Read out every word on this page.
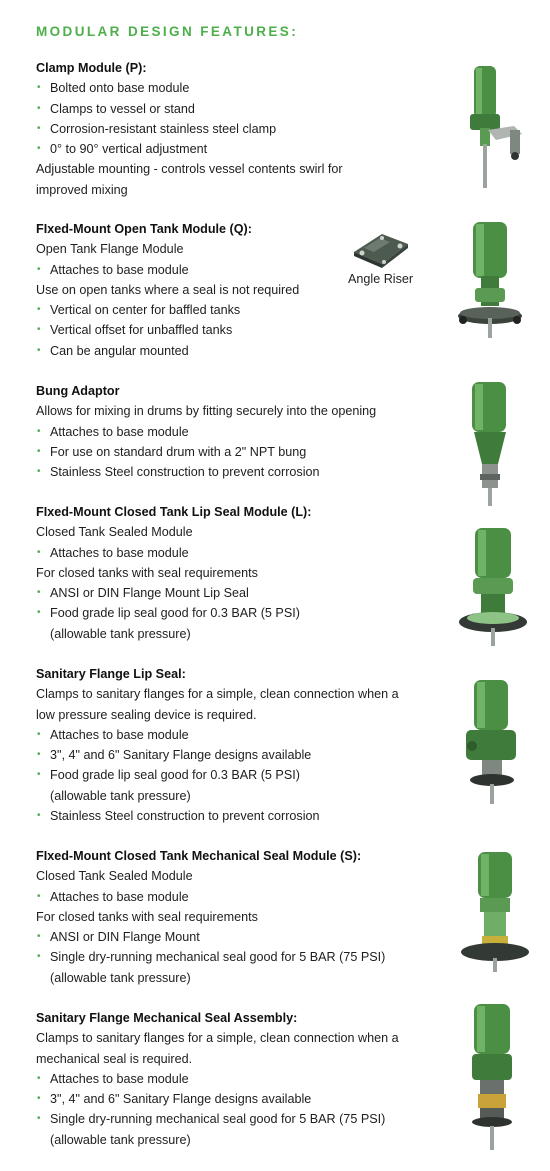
MODULAR DESIGN FEATURES:
Clamp Module (P):
• Bolted onto base module
• Clamps to vessel or stand
• Corrosion-resistant stainless steel clamp
• 0° to 90° vertical adjustment
Adjustable mounting - controls vessel contents swirl for
improved mixing
FIxed-Mount Open Tank Module (Q):
Open Tank Flange Module
• Attaches to base module
Use on open tanks where a seal is not required
• Vertical on center for baffled tanks
• Vertical offset for unbaffled tanks
• Can be angular mounted
Bung Adaptor
Allows for mixing in drums by fitting securely into the opening
• Attaches to base module
• For use on standard drum with a 2" NPT bung
• Stainless Steel construction to prevent corrosion
FIxed-Mount Closed Tank Lip Seal Module (L):
Closed Tank Sealed Module
• Attaches to base module
For closed tanks with seal requirements
• ANSI or DIN Flange Mount Lip Seal
• Food grade lip seal good for 0.3 BAR (5 PSI)
(allowable tank pressure)
Sanitary Flange Lip Seal:
Clamps to sanitary flanges for a simple, clean connection when a
low pressure sealing device is required.
• Attaches to base module
• 3", 4" and 6" Sanitary Flange designs available
• Food grade lip seal good for 0.3 BAR (5 PSI)
(allowable tank pressure)
• Stainless Steel construction to prevent corrosion
FIxed-Mount Closed Tank Mechanical Seal Module (S):
Closed Tank Sealed Module
• Attaches to base module
For closed tanks with seal requirements
• ANSI or DIN Flange Mount
• Single dry-running mechanical seal good for 5 BAR (75 PSI)
(allowable tank pressure)
Sanitary Flange Mechanical Seal Assembly:
Clamps to sanitary flanges for a simple, clean connection when a
mechanical seal is required.
• Attaches to base module
• 3", 4" and 6" Sanitary Flange designs available
• Single dry-running mechanical seal good for 5 BAR (75 PSI)
(allowable tank pressure)
Angle Riser
